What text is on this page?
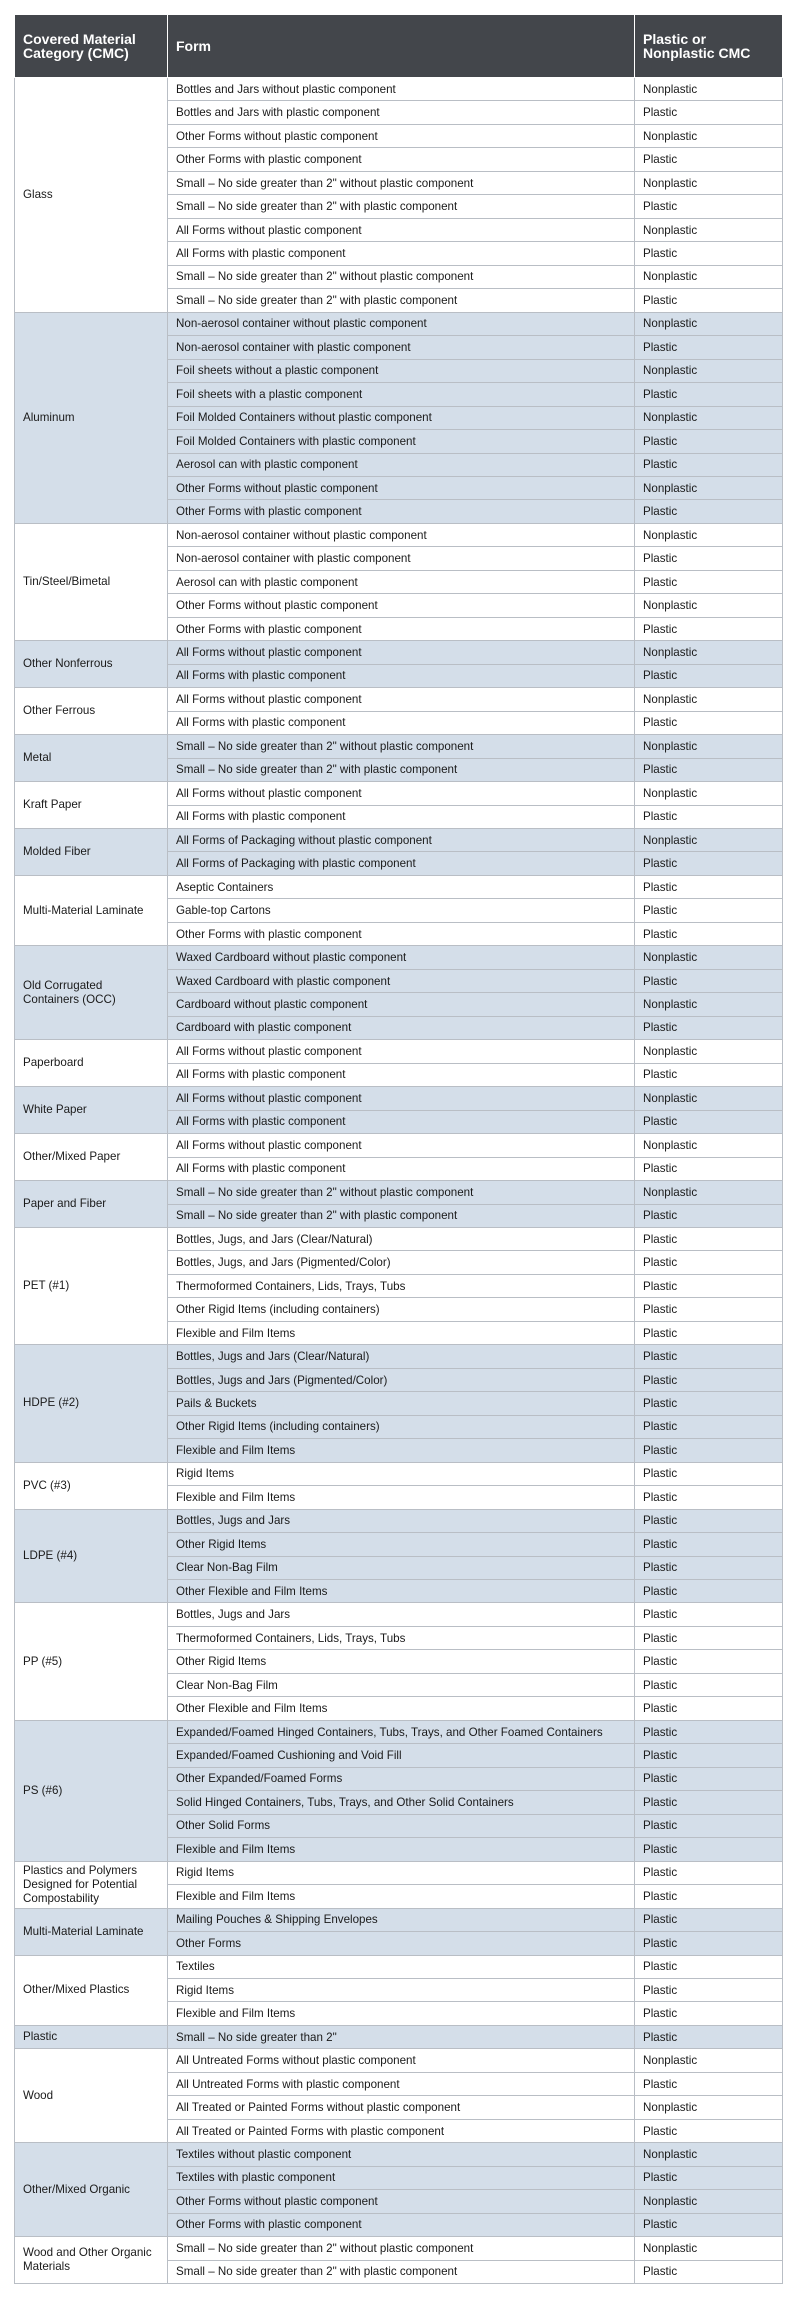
Covered Material Category (CMC)	Form	Plastic or Nonplastic CMC
Glass	Bottles and Jars without plastic component	Nonplastic
	Bottles and Jars with plastic component	Plastic
	Other Forms without plastic component	Nonplastic
	Other Forms with plastic component	Plastic
	Small – No side greater than 2" without plastic component	Nonplastic
	Small – No side greater than 2" with plastic component	Plastic
	All Forms without plastic component	Nonplastic
	All Forms with plastic component	Plastic
	Small – No side greater than 2" without plastic component	Nonplastic
	Small – No side greater than 2" with plastic component	Plastic
Aluminum	Non-aerosol container without plastic component	Nonplastic
	Non-aerosol container with plastic component	Plastic
	Foil sheets without a plastic component	Nonplastic
	Foil sheets with a plastic component	Plastic
	Foil Molded Containers without plastic component	Nonplastic
	Foil Molded Containers with plastic component	Plastic
	Aerosol can with plastic component	Plastic
	Other Forms without plastic component	Nonplastic
	Other Forms with plastic component	Plastic
Tin/Steel/Bimetal	Non-aerosol container without plastic component	Nonplastic
	Non-aerosol container with plastic component	Plastic
	Aerosol can with plastic component	Plastic
	Other Forms without plastic component	Nonplastic
	Other Forms with plastic component	Plastic
Other Nonferrous	All Forms without plastic component	Nonplastic
	All Forms with plastic component	Plastic
Other Ferrous	All Forms without plastic component	Nonplastic
	All Forms with plastic component	Plastic
Metal	Small – No side greater than 2" without plastic component	Nonplastic
	Small – No side greater than 2" with plastic component	Plastic
Kraft Paper	All Forms without plastic component	Nonplastic
	All Forms with plastic component	Plastic
Molded Fiber	All Forms of Packaging without plastic component	Nonplastic
	All Forms of Packaging with plastic component	Plastic
Multi-Material Laminate	Aseptic Containers	Plastic
	Gable-top Cartons	Plastic
	Other Forms with plastic component	Plastic
Old Corrugated Containers (OCC)	Waxed Cardboard without plastic component	Nonplastic
	Waxed Cardboard with plastic component	Plastic
	Cardboard without plastic component	Nonplastic
	Cardboard with plastic component	Plastic
Paperboard	All Forms without plastic component	Nonplastic
	All Forms with plastic component	Plastic
White Paper	All Forms without plastic component	Nonplastic
	All Forms with plastic component	Plastic
Other/Mixed Paper	All Forms without plastic component	Nonplastic
	All Forms with plastic component	Plastic
Paper and Fiber	Small – No side greater than 2" without plastic component	Nonplastic
	Small – No side greater than 2" with plastic component	Plastic
PET (#1)	Bottles, Jugs, and Jars (Clear/Natural)	Plastic
	Bottles, Jugs, and Jars (Pigmented/Color)	Plastic
	Thermoformed Containers, Lids, Trays, Tubs	Plastic
	Other Rigid Items (including containers)	Plastic
	Flexible and Film Items	Plastic
HDPE (#2)	Bottles, Jugs and Jars (Clear/Natural)	Plastic
	Bottles, Jugs and Jars (Pigmented/Color)	Plastic
	Pails & Buckets	Plastic
	Other Rigid Items (including containers)	Plastic
	Flexible and Film Items	Plastic
PVC (#3)	Rigid Items	Plastic
	Flexible and Film Items	Plastic
LDPE (#4)	Bottles, Jugs and Jars	Plastic
	Other Rigid Items	Plastic
	Clear Non-Bag Film	Plastic
	Other Flexible and Film Items	Plastic
PP (#5)	Bottles, Jugs and Jars	Plastic
	Thermoformed Containers, Lids, Trays, Tubs	Plastic
	Other Rigid Items	Plastic
	Clear Non-Bag Film	Plastic
	Other Flexible and Film Items	Plastic
PS (#6)	Expanded/Foamed Hinged Containers, Tubs, Trays, and Other Foamed Containers	Plastic
	Expanded/Foamed Cushioning and Void Fill	Plastic
	Other Expanded/Foamed Forms	Plastic
	Solid Hinged Containers, Tubs, Trays, and Other Solid Containers	Plastic
	Other Solid Forms	Plastic
	Flexible and Film Items	Plastic
Plastics and Polymers Designed for Potential Compostability	Rigid Items	Plastic
	Flexible and Film Items	Plastic
Multi-Material Laminate	Mailing Pouches & Shipping Envelopes	Plastic
	Other Forms	Plastic
Other/Mixed Plastics	Textiles	Plastic
	Rigid Items	Plastic
	Flexible and Film Items	Plastic
Plastic	Small – No side greater than 2"	Plastic
Wood	All Untreated Forms without plastic component	Nonplastic
	All Untreated Forms with plastic component	Plastic
	All Treated or Painted Forms without plastic component	Nonplastic
	All Treated or Painted Forms with plastic component	Plastic
Other/Mixed Organic	Textiles without plastic component	Nonplastic
	Textiles with plastic component	Plastic
	Other Forms without plastic component	Nonplastic
	Other Forms with plastic component	Plastic
Wood and Other Organic Materials	Small – No side greater than 2" without plastic component	Nonplastic
	Small – No side greater than 2" with plastic component	Plastic
